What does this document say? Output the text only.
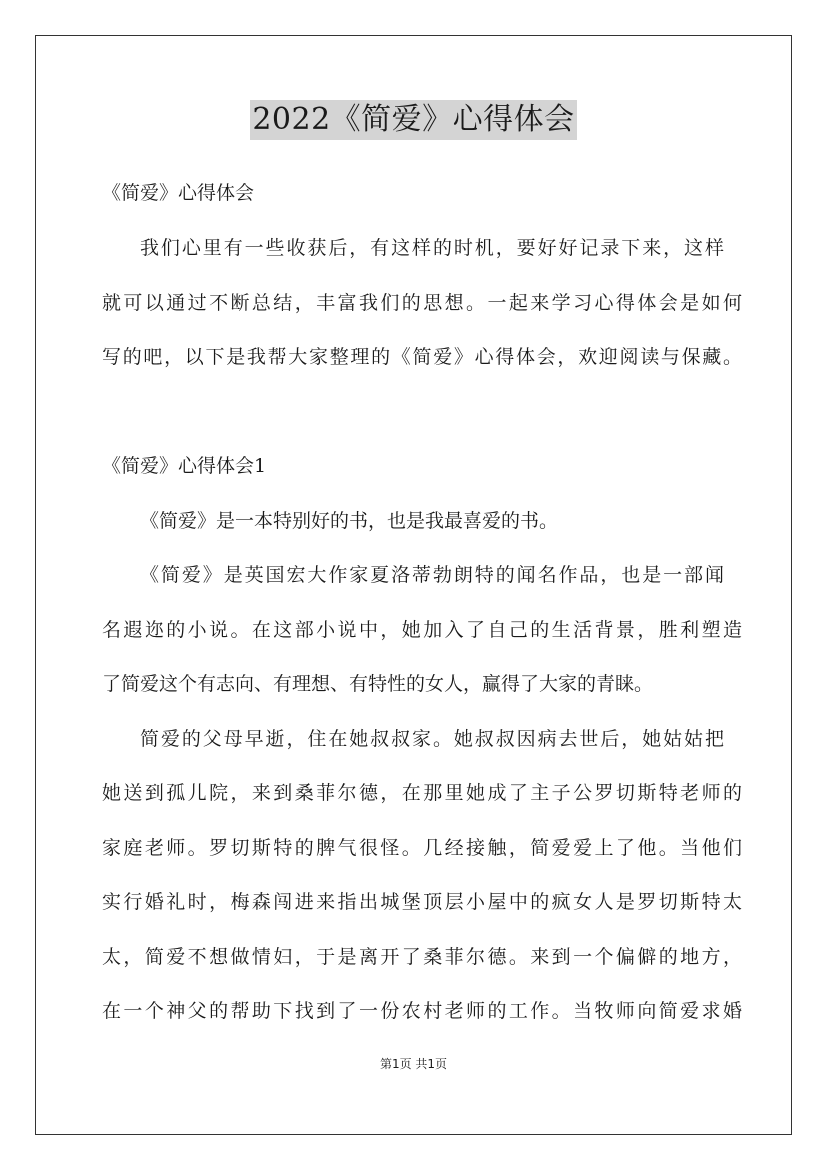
2022《简爱》心得体会
《简爱》心得体会
我们心里有一些收获后，有这样的时机，要好好记录下来，这样
就可以通过不断总结，丰富我们的思想。一起来学习心得体会是如何
写的吧，以下是我帮大家整理的《简爱》心得体会，欢迎阅读与保藏。
《简爱》心得体会1
《简爱》是一本特别好的书，也是我最喜爱的书。
《简爱》是英国宏大作家夏洛蒂勃朗特的闻名作品，也是一部闻
名遐迩的小说。在这部小说中，她加入了自己的生活背景，胜利塑造
了简爱这个有志向、有理想、有特性的女人，赢得了大家的青睐。
简爱的父母早逝，住在她叔叔家。她叔叔因病去世后，她姑姑把
她送到孤儿院，来到桑菲尔德，在那里她成了主子公罗切斯特老师的
家庭老师。罗切斯特的脾气很怪。几经接触，简爱爱上了他。当他们
实行婚礼时，梅森闯进来指出城堡顶层小屋中的疯女人是罗切斯特太
太，简爱不想做情妇，于是离开了桑菲尔德。来到一个偏僻的地方，
在一个神父的帮助下找到了一份农村老师的工作。当牧师向简爱求婚
第1页 共1页
